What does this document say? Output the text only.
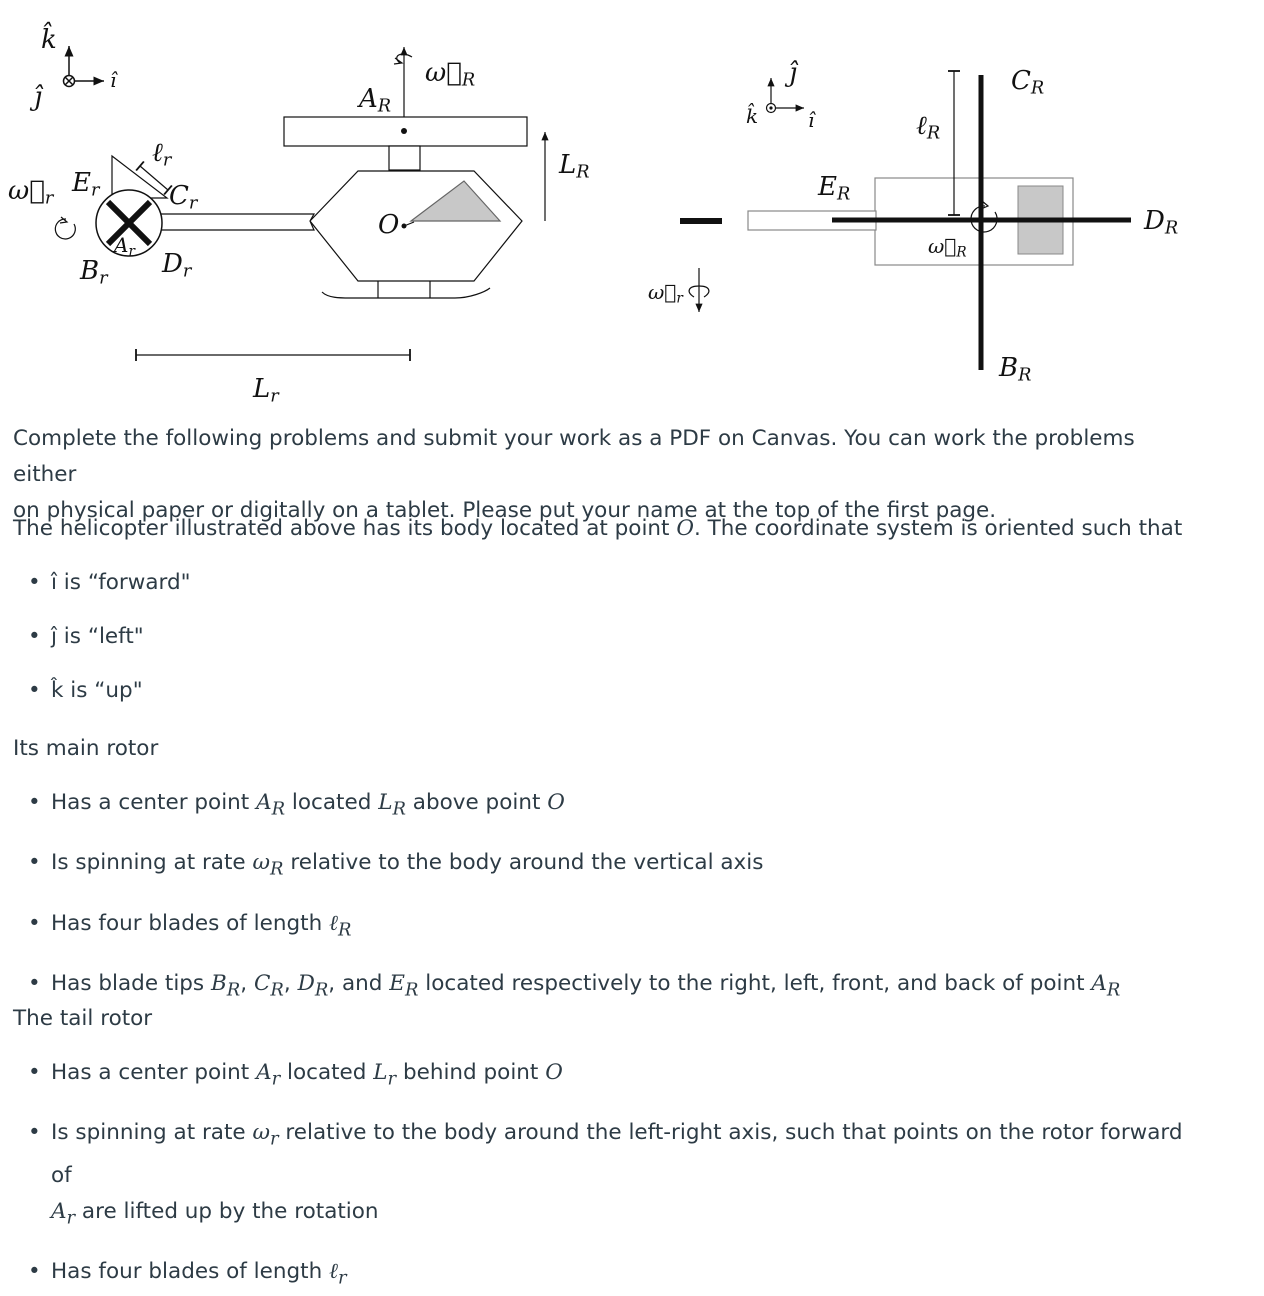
k̂
ĵ
î	$\omega⃗_R$
$A_R$
$L_R$
ℓ$_r$
$\omega⃗_r$
$E_r$	$C_r$
$A_r$
$B_r$ $D_r$
O
$L_r$
ĵ
k̂ î
$C_R$
ℓ$_R$
$E_R$
$D_R$
$\omega⃗_R$
$\omega⃗_r$
$B_R$

Complete the following problems and submit your work as a PDF on Canvas. You can work the problems either

on physical paper or digitally on a tablet. Please put your name at the top of the first page.

The helicopter illustrated above has its body located at point O. The coordinate system is oriented such that
• î is “forward"
• ĵ is “left"
• k̂ is “up"
Its main rotor
• Has a center point $A_R$ located $L_R$ above point O
• Is spinning at rate $\omega_R$ relative to the body around the vertical axis
• Has four blades of length ℓ$_R$
• Has blade tips $B_R$, $C_R$, $D_R$, and $E_R$ located respectively to the right, left, front, and back of point $A_R$
The tail rotor
• Has a center point $A_r$ located $L_r$ behind point O
• Is spinning at rate $\omega_r$ relative to the body around the left-right axis, such that points on the rotor forward of
$A_r$ are lifted up by the rotation
• Has four blades of length ℓ$_r$
